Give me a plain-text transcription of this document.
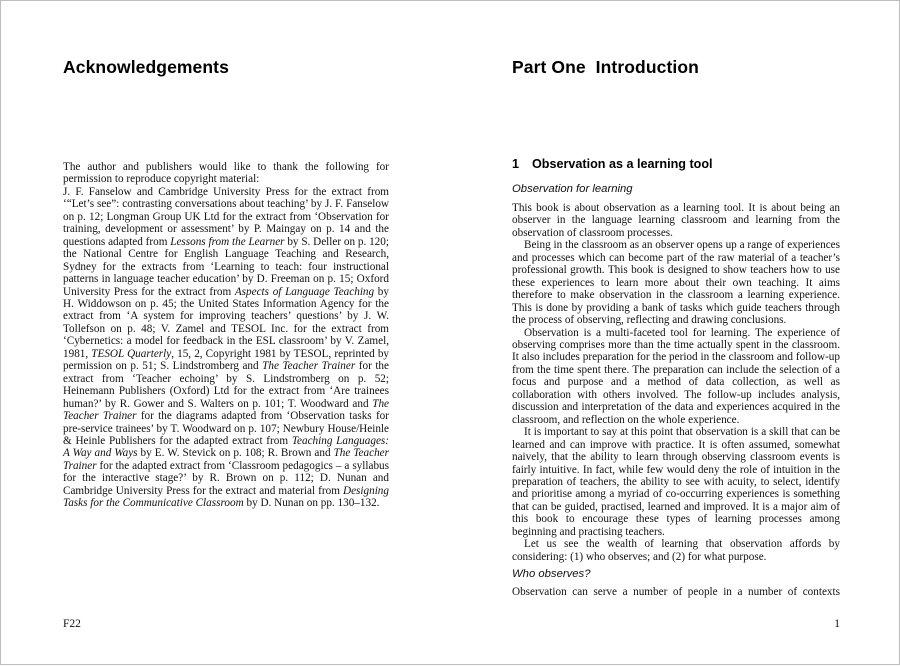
Acknowledgements

The author and publishers would like to thank the following for permission to reproduce copyright material:

J. F. Fanselow and Cambridge University Press for the extract from ‘“Let’s see”: contrasting conversations about teaching’ by J. F. Fanselow on p. 12; Longman Group UK Ltd for the extract from ‘Observation for training, development or assessment’ by P. Maingay on p. 14 and the questions adapted from Lessons from the Learner by S. Deller on p. 120; the National Centre for English Language Teaching and Research, Sydney for the extracts from ‘Learning to teach: four instructional patterns in language teacher education’ by D. Freeman on p. 15; Oxford University Press for the extract from Aspects of Language Teaching by H. Widdowson on p. 45; the United States Information Agency for the extract from ‘A system for improving teachers’ questions’ by J. W. Tollefson on p. 48; V. Zamel and TESOL Inc. for the extract from ‘Cybernetics: a model for feedback in the ESL classroom’ by V. Zamel, 1981, TESOL Quarterly, 15, 2, Copyright 1981 by TESOL, reprinted by permission on p. 51; S. Lindstromberg and The Teacher Trainer for the extract from ‘Teacher echoing’ by S. Lindstromberg on p. 52; Heinemann Publishers (Oxford) Ltd for the extract from ‘Are trainees human?’ by R. Gower and S. Walters on p. 101; T. Woodward and The Teacher Trainer for the diagrams adapted from ‘Observation tasks for pre-service trainees’ by T. Woodward on p. 107; Newbury House/Heinle & Heinle Publishers for the adapted extract from Teaching Languages: A Way and Ways by E. W. Stevick on p. 108; R. Brown and The Teacher Trainer for the adapted extract from ‘Classroom pedagogics – a syllabus for the interactive stage?’ by R. Brown on p. 112; D. Nunan and Cambridge University Press for the extract and material from Designing Tasks for the Communicative Classroom by D. Nunan on pp. 130–132.

F22
Part One  Introduction
1 Observation as a learning tool
Observation for learning

This book is about observation as a learning tool. It is about being an observer in the language learning classroom and learning from the observation of classroom processes.

Being in the classroom as an observer opens up a range of experiences and processes which can become part of the raw material of a teacher’s professional growth. This book is designed to show teachers how to use these experiences to learn more about their own teaching. It aims therefore to make observation in the classroom a learning experience. This is done by providing a bank of tasks which guide teachers through the process of observing, reflecting and drawing conclusions.

Observation is a multi-faceted tool for learning. The experience of observing comprises more than the time actually spent in the classroom. It also includes preparation for the period in the classroom and follow-up from the time spent there. The preparation can include the selection of a focus and purpose and a method of data collection, as well as collaboration with others involved. The follow-up includes analysis, discussion and interpretation of the data and experiences acquired in the classroom, and reflection on the whole experience.

It is important to say at this point that observation is a skill that can be learned and can improve with practice. It is often assumed, somewhat naively, that the ability to learn through observing classroom events is fairly intuitive. In fact, while few would deny the role of intuition in the preparation of teachers, the ability to see with acuity, to select, identify and prioritise among a myriad of co-occurring experiences is something that can be guided, practised, learned and improved. It is a major aim of this book to encourage these types of learning processes among beginning and practising teachers.

Let us see the wealth of learning that observation affords by considering: (1) who observes; and (2) for what purpose.

Who observes?

Observation can serve a number of people in a number of contexts

1
